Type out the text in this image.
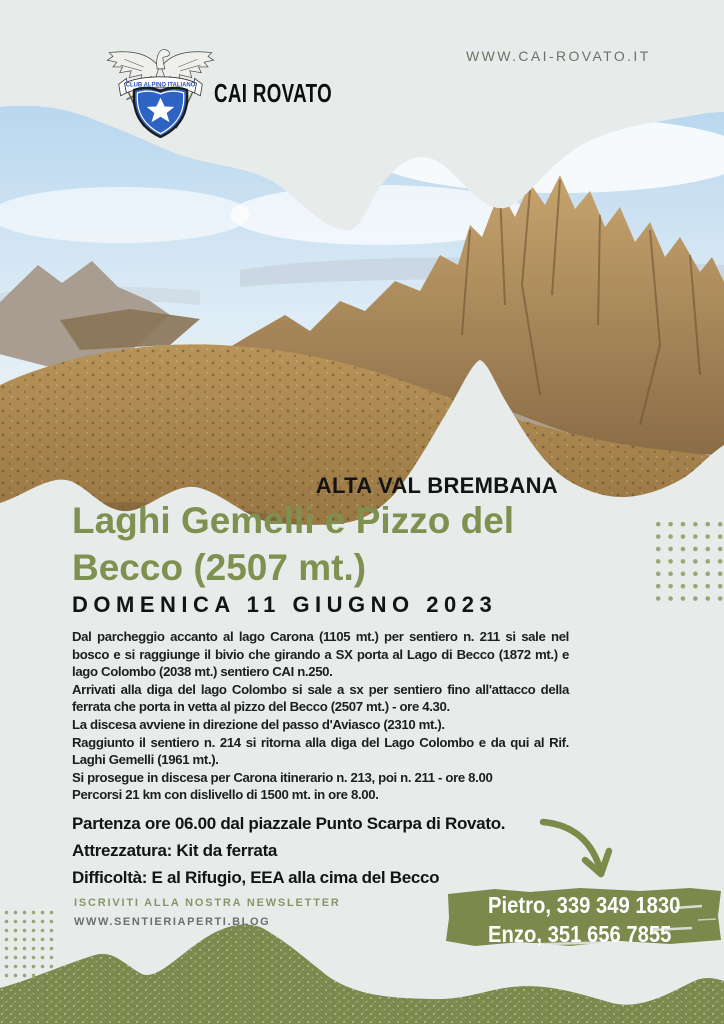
CLUB ALPINO ITALIANO CAI ROVATO
WWW.CAI-ROVATO.IT
ALTA VAL BREMBANA
Laghi Gemelli e Pizzo del
Becco (2507 mt.)
DOMENICA 11 GIUGNO 2023

Dal parcheggio accanto al lago Carona (1105 mt.) per sentiero n. 211 si sale nel bosco e si raggiunge il bivio che girando a SX porta al Lago di Becco (1872 mt.) e lago Colombo (2038 mt.) sentiero CAI n.250.

Arrivati alla diga del lago Colombo si sale a sx per sentiero fino all'attacco della ferrata che porta in vetta al pizzo del Becco (2507 mt.) - ore 4.30.

La discesa avviene in direzione del passo d'Aviasco (2310 mt.).

Raggiunto il sentiero n. 214 si ritorna alla diga del Lago Colombo e da qui al Rif. Laghi Gemelli (1961 mt.).

Si prosegue in discesa per Carona itinerario n. 213, poi n. 211 - ore 8.00

Percorsi 21 km con dislivello di 1500 mt. in ore 8.00.

Partenza ore 06.00 dal piazzale Punto Scarpa di Rovato.
Attrezzatura: Kit da ferrata
Difficoltà: E al Rifugio, EEA alla cima del Becco
ISCRIVITI ALLA NOSTRA NEWSLETTER
WWW.SENTIERIAPERTI.BLOG
Pietro, 339 349 1830
Enzo, 351 656 7855
